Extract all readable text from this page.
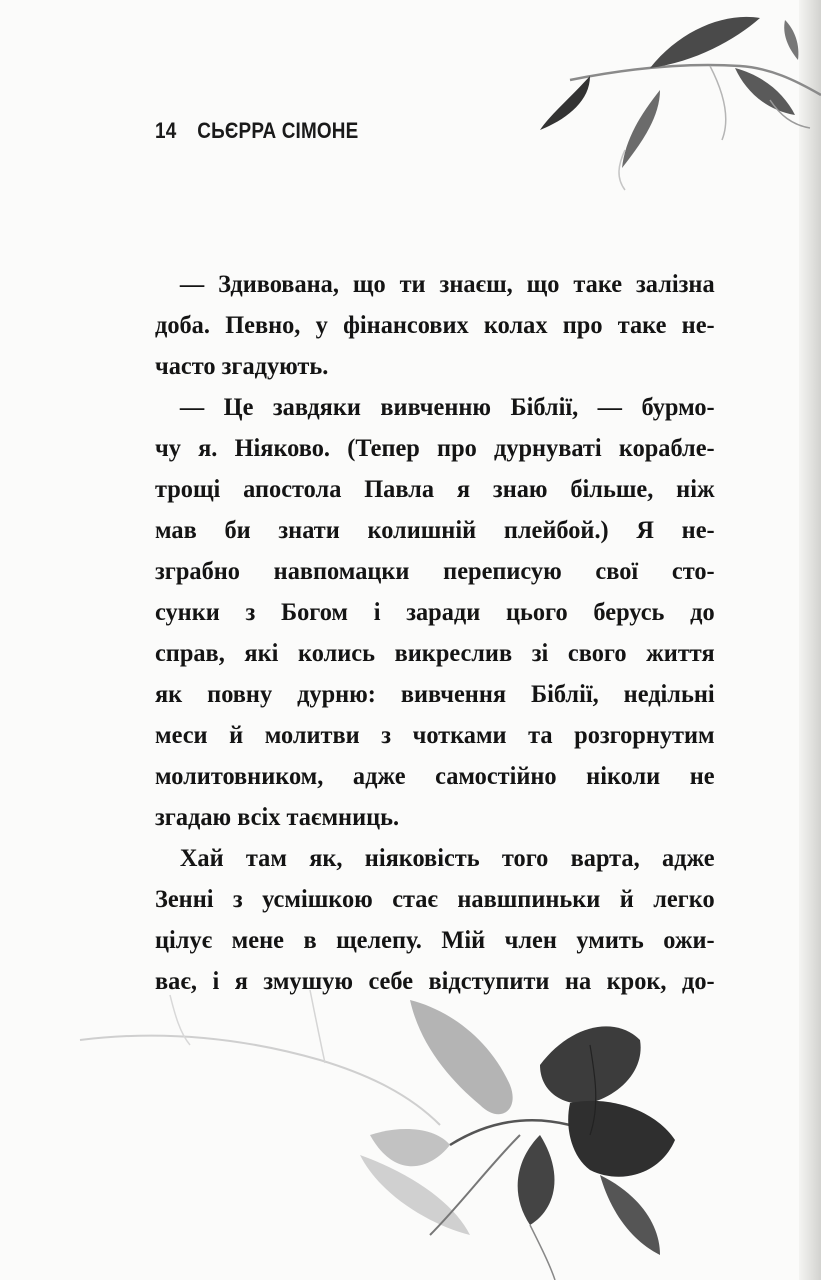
14 СЬЄРРА СІМОНЕ
— Здивована, що ти знаєш, що таке залізна
доба. Певно, у фінансових колах про таке не-
часто згадують.
— Це завдяки вивченню Біблії, — бурмо-
чу я. Ніяково. (Тепер про дурнуваті корабле-
трощі апостола Павла я знаю більше, ніж
мав би знати колишній плейбой.) Я не-
зграбно навпомацки переписую свої сто-
сунки з Богом і заради цього берусь до
справ, які колись викреслив зі свого життя
як повну дурню: вивчення Біблії, недільні
меси й молитви з чотками та розгорнутим
молитовником, адже самостійно ніколи не
згадаю всіх таємниць.
Хай там як, ніяковість того варта, адже
Зенні з усмішкою стає навшпиньки й легко
цілує мене в щелепу. Мій член умить ожи-
ває, і я змушую себе відступити на крок, до-
